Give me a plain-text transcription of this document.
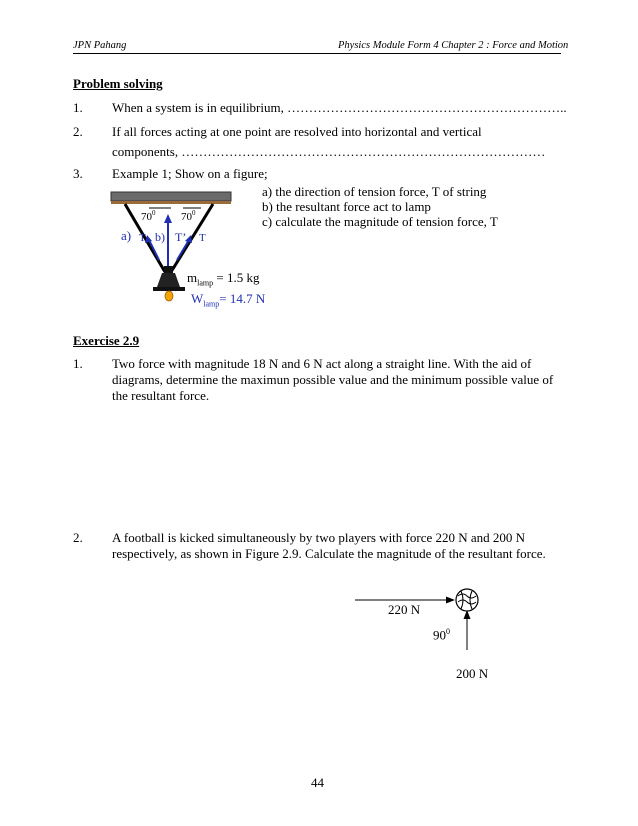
JPN Pahang	Physics Module Form 4 Chapter 2 : Force and Motion
Problem solving
1. When a system is in equilibrium, ………………………………………………………..
2. If all forces acting at one point are resolved into horizontal and vertical
components, …………………………………………………………………………
3. Example 1; Show on a figure;
a) the direction of tension force, T of string
b) the resultant force act to lamp
c) calculate the magnitude of tension force, T
$70^0$ $70^0$
a) T b) T’ T
$m_{lamp} = 1.5$ kg
$W_{lamp}= 14.7$ N
Exercise 2.9
1. Two force with magnitude 18 N and 6 N act along a straight line. With the aid of diagrams, determine the maximun possible value and the minimum possible value of the resultant force.
2. A football is kicked simultaneously by two players with force 220 N and 200 N respectively, as shown in Figure 2.9. Calculate the magnitude of the resultant force.
220 N
$90^0$
200 N
44
